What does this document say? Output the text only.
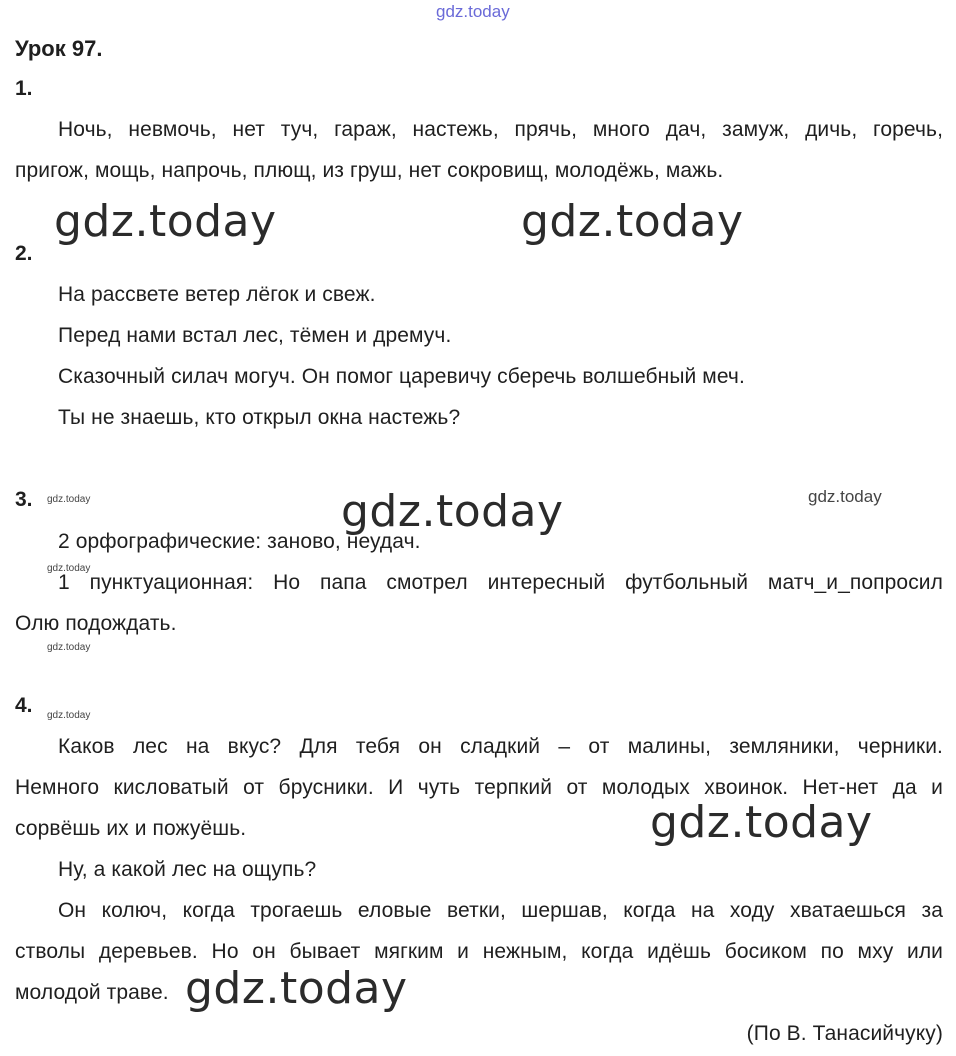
gdz.today
Урок 97.
1.
Ночь, невмочь, нет туч, гараж, настежь, прячь, много дач, замуж, дичь, горечь,
пригож, мощь, напрочь, плющ, из груш, нет сокровищ, молодёжь, мажь.
2.
На рассвете ветер лёгок и свеж.
Перед нами встал лес, тёмен и дремуч.
Сказочный силач могуч. Он помог царевичу сберечь волшебный меч.
Ты не знаешь, кто открыл окна настежь?
3.
2 орфографические: заново, неудач.
1 пунктуационная: Но папа смотрел интересный футбольный матч_и_попросил
Олю подождать.
4.
Каков лес на вкус? Для тебя он сладкий – от малины, земляники, черники.
Немного кисловатый от брусники. И чуть терпкий от молодых хвоинок. Нет-нет да и
сорвёшь их и пожуёшь.
Ну, а какой лес на ощупь?
Он колюч, когда трогаешь еловые ветки, шершав, когда на ходу хватаешься за
стволы деревьев. Но он бывает мягким и нежным, когда идёшь босиком по мху или
молодой траве.
(По В. Танасийчуку)
gdz.today	gdz.today
gdz.today
gdz.today
gdz.today
gdz.today
gdz.today
gdz.today
gdz.today
gdz.today
